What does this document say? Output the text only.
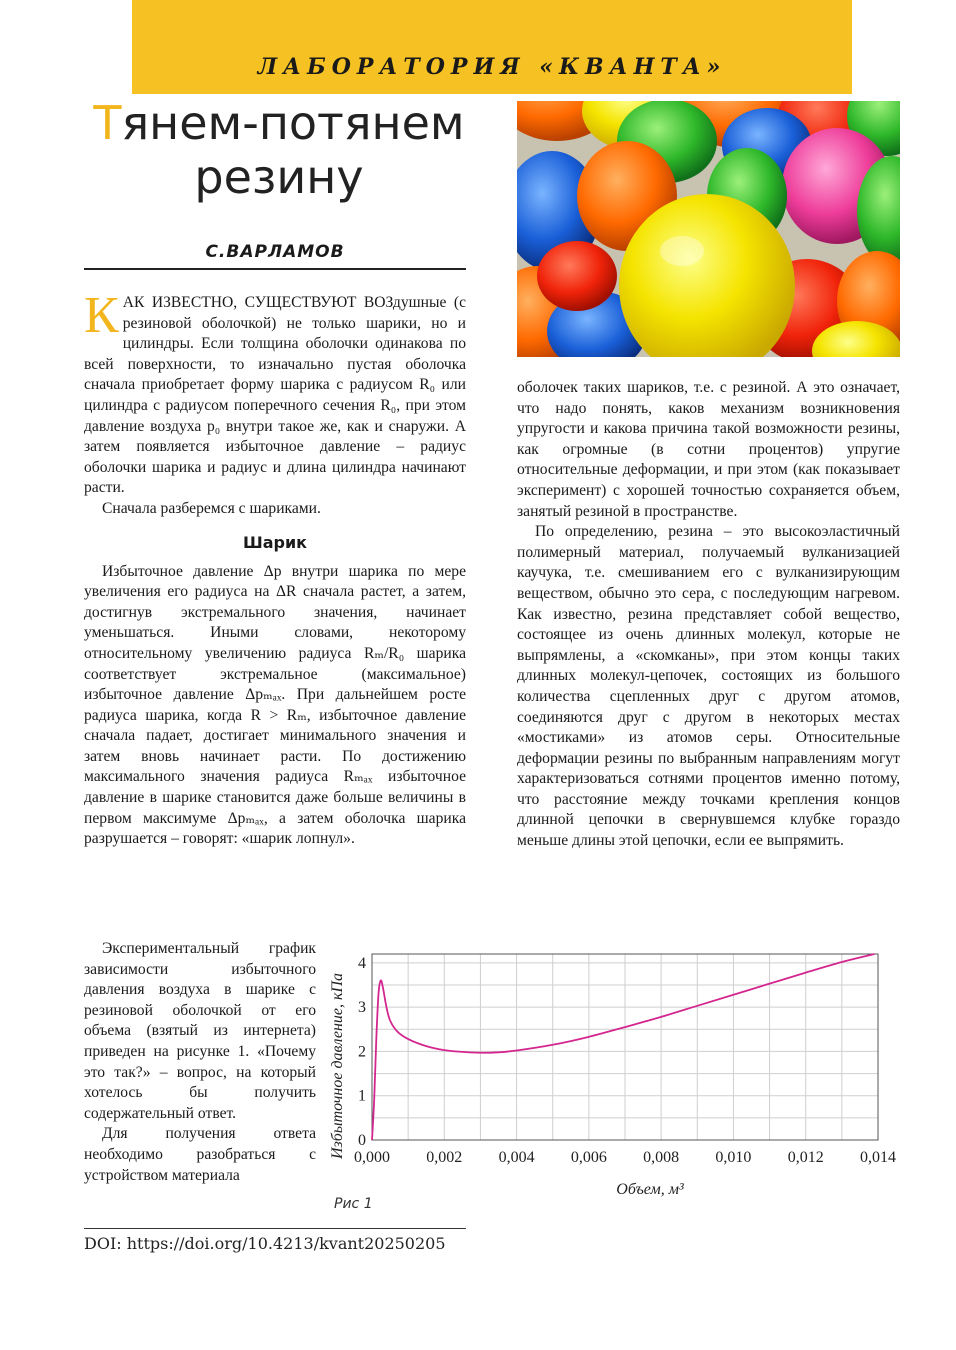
ЛАБОРАТОРИЯ «КВАНТА»
Тянем-потянем
резину
С.ВАРЛАМОВ

КАК ИЗВЕСТНО, СУЩЕСТВУЮТ ВОЗдушные (с резиновой оболочкой) не только шарики, но и цилиндры. Если толщина оболочки одинакова по всей поверхности, то изначально пустая оболочка сначала приобретает форму шарика с радиусом R₀ или цилиндра с радиусом поперечного сечения R₀, при этом давление воздуха p₀ внутри такое же, как и снаружи. А затем появляется избыточное давление – радиус оболочки шарика и радиус и длина цилиндра начинают расти.

Сначала разберемся с шариками.

Шарик

Избыточное давление Δp внутри шарика по мере увеличения его радиуса на ΔR сначала растет, а затем, достигнув экстремального значения, начинает уменьшаться. Иными словами, некоторому относительному увеличению радиуса Rₘ/R₀ шарика соответствует экстремальное (максимальное) избыточное давление Δpₘₐₓ. При дальнейшем росте радиуса шарика, когда R > Rₘ, избыточное давление сначала падает, достигает минимального значения и затем вновь начинает расти. По достижению максимального значения радиуса Rₘₐₓ избыточное давление в шарике становится даже больше величины в первом максимуме Δpₘₐₓ, а затем оболочка шарика разрушается – говорят: «шарик лопнул».

Экспериментальный график зависимости избыточного давления воздуха в шарике с резиновой оболочкой от его объема (взятый из интернета) приведен на рисунке 1. «Почему это так?» – вопрос, на который хотелось бы получить содержательный ответ.

Для получения ответа необходимо разобраться с устройством материала

оболочек таких шариков, т.е. с резиной. А это означает, что надо понять, каков механизм возникновения упругости и какова причина такой возможности резины, как огромные (в сотни процентов) упругие относительные деформации, и при этом (как показывает эксперимент) с хорошей точностью сохраняется объем, занятый резиной в пространстве.

По определению, резина – это высокоэластичный полимерный материал, получаемый вулканизацией каучука, т.е. смешиванием его с вулканизирующим веществом, обычно это сера, с последующим нагревом. Как известно, резина представляет собой вещество, состоящее из очень длинных молекул, которые не выпрямлены, а «скомканы», при этом концы таких длинных молекул-цепочек, состоящих из большого количества сцепленных друг с другом атомов, соединяются друг с другом в некоторых местах «мостиками» из атомов серы. Относительные деформации резины по выбранным направлениям могут характеризоваться сотнями процентов именно потому, что расстояние между точками крепления концов длинной цепочки в свернувшемся клубке гораздо меньше длины этой цепочки, если ее выпрямить.

0,000 0,002 0,004 0,006 0,008 0,010 0,012 0,014
0
1
2
3
4
Объем, м³
Избыточное давление, кПа
Рис 1
DOI: https://doi.org/10.4213/kvant20250205
